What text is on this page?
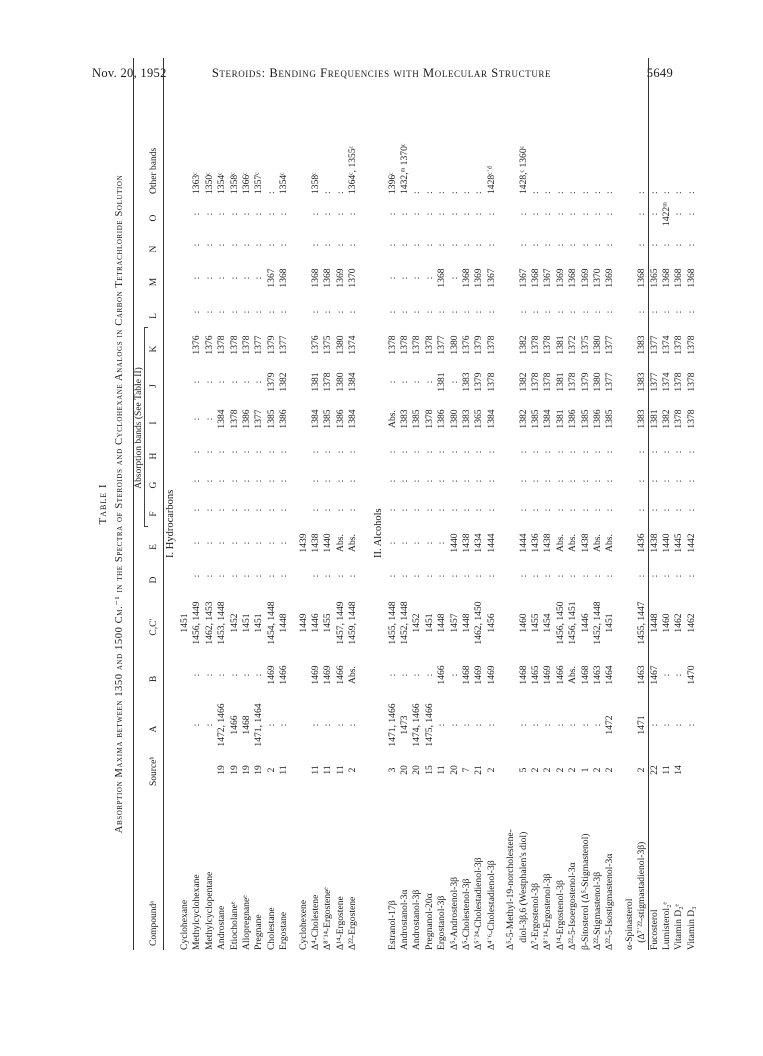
Nov. 20, 1952	Steroids: Bending Frequencies with Molecular Structure	5649
Table I Absorption Maxima between 1350 and 1500 Cm.⁻¹ in the Spectra of Steroids and Cyclohexane Analogs in Carbon Tetrachloride Solution Absorption bands (See Table II)
Compoundᵃ
Sourceᵇ
A
B
C,C′
D
E
F
G
H
I
J
K
L
M
N
O
Other bands
I. Hydrocarbons
Cyclohexane
1451
Methylcyclohexane
:
:
1456, 1449
:
:
:
:
:
:
:
1376
:
:
:
:
1363ᶜ
Methylcyclopentane
:
:
1462, 1453
:
:
:
:
:
:
:
1376
:
:
:
:
1350ᶜ
Androstane
19
1472, 1466
:
1453, 1448
:
:
:
:
:
1384
:
1378
:
:
:
:
1354ᶜ
Etiocholaneᵉ
19
1466
:
1452
:
:
:
:
:
1378
:
1378
:
:
:
:
1358ᶜ
Allopregnaneᵉ
19
1468
:
1451
:
:
:
:
:
1386
:
1378
:
:
:
:
1366ᶜ
Pregnane
19
1471, 1464
:
1451
:
:
:
:
:
1377
:
1377
:
:
:
:
1357ᶜ
Cholestane
2
:
1469
1454, 1448
:
:
:
:
:
1385
1379
1379
:
1367
:
:
:
Ergostane
11
:
1466
1448
:
:
:
:
:
1386
1382
1377
:
1368
:
:
1354ᶜ
Cyclohexene
1449
1439
Δ⁴-Cholestene
11
:
1469
1446
:
1438
:
:
:
1384
1381
1376
:
1368
:
:
1358ᶜ
Δ⁸˙¹⁴-Ergosteneᵉ
11
:
1469
1455
:
1440
:
:
:
1385
1378
1375
:
1368
:
:
:
Δ¹⁴-Ergostene
11
:
1466
1457, 1449
:
Abs.
:
:
:
1386
1380
1380
:
1369
:
:
:
Δ²²-Ergostene
2
:
Abs.
1459, 1448
:
Abs.
:
:
:
1384
1384
1374
:
1370
:
:
1364ᶜ, 1355ᶜ
II. Alcohols
Estranol-17β
3
1471, 1466
:
1455, 1448
:
:
:
:
:
Abs.
:
1378
:
:
:
:
1396ᶜ
Androstanol-3α
20
1473
:
1452, 1448
:
:
:
:
:
1383
:
1378
:
:
:
:
1432,ᵐ 1370ᶜ
Androstanol-3β
20
1474, 1466
:
1452
:
:
:
:
:
1385
:
1378
:
:
:
:
:
Pregnanol-20α
15
1475, 1466
:
1451
:
:
:
:
:
1378
:
1378
:
:
:
:
:
Ergostanol-3β
11
:
1466
1448
:
:
:
:
:
1386
1381
1377
:
1368
:
:
:
Δ⁵-Androstenol-3β
20
:
:
1457
:
1440
:
:
:
1380
:
1380
:
:
:
:
:
Δ⁵-Cholestenol-3β
7
:
1468
1448
:
1438
:
:
:
1383
1383
1376
:
1368
:
:
:
Δ⁵˙²⁴-Cholestadienol-3β
21
:
1469
1462, 1450
:
1434
:
:
:
1365
1379
1379
:
1369
:
:
:
Δ⁴˙⁶-Cholestadienol-3β
2
:
1469
1456
:
1444
:
:
:
1384
1378
1378
:
1367
:
:
1428ᶜ˙ᵈ
Δ⁵-5-Methyl-19-norcholestene- diol-3β,6 (Westphalen's diol)
5
:
1468
1460
:
1444
:
:
:
1382
1382
1382
:
1367
:
:
1428,ᶜ 1360ᶜ
Δ⁷-Ergostenol-3β
2
:
1465
1455
:
1436
:
:
:
1385
1378
1378
:
1368
:
:
:
Δ⁸˙¹⁴-Ergostenol-3β
2
:
1469
1454
:
1438
:
:
:
1384
1378
1378
:
1367
:
:
:
Δ¹⁴-Ergostenol-3β
2
:
1466
1456, 1450
:
Abs.
:
:
:
1381
1381
1381
:
1369
:
:
:
Δ²²-5-Isoergostenol-3α
2
:
Abs.
1456, 1451
:
Abs.
:
:
:
1386
1378
1372
:
1368
:
:
:
β-Sitosterol (Δ⁵-Stigmastenol)
1
:
1468
1446
:
1438
:
:
:
1385
1379
1375
:
1369
:
:
:
Δ²²-Stigmastenol-3β
2
:
1463
1452, 1448
:
Abs.
:
:
:
1386
1380
1380
:
1370
:
:
:
Δ²²-5-Isostigmastenol-3α
2
1472
1464
1451
:
Abs.
:
:
:
1385
1377
1377
:
1369
:
:
:
α-Spinasterol (Δ⁷˙²²-stigmastadienol-3β)
2
1471
1463
1455, 1447
:
1436
:
:
:
1383
1383
1383
:
1368
:
:
:
Fucosterol
22
:
1467
1448
:
1438
:
:
:
1381
1377
1377
:
1365
:
:
:
Lumisterol₂ᵉ
11
:
:
1460
:
1440
:
:
:
1382
1374
1374
:
1368
:
1422ᵐ
:
Vitamin D₂ᵉ
14
:
:
1462
:
1445
:
:
:
1378
1378
1378
:
1368
:
:
:
Vitamin D₃
:
1470
1462
:
1442
:
:
:
1378
1378
1378
:
1368
:
:
:
